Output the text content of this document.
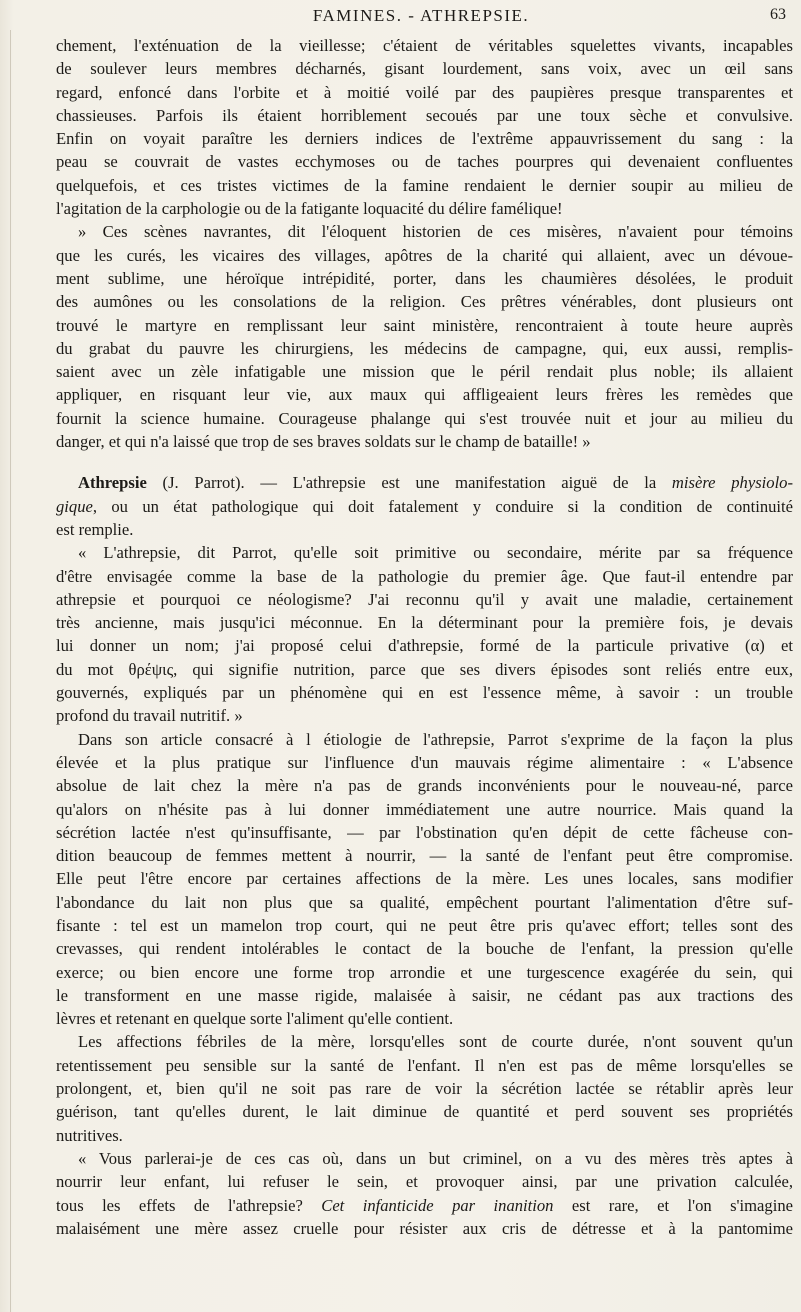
FAMINES. - ATHREPSIE.	63
chement, l'exténuation de la vieillesse; c'étaient de véritables squelettes vivants, incapables
de soulever leurs membres décharnés, gisant lourdement, sans voix, avec un œil sans
regard, enfoncé dans l'orbite et à moitié voilé par des paupières presque transparentes et
chassieuses. Parfois ils étaient horriblement secoués par une toux sèche et convulsive.
Enfin on voyait paraître les derniers indices de l'extrême appauvrissement du sang : la
peau se couvrait de vastes ecchymoses ou de taches pourpres qui devenaient confluentes
quelquefois, et ces tristes victimes de la famine rendaient le dernier soupir au milieu de
l'agitation de la carphologie ou de la fatigante loquacité du délire famélique!
» Ces scènes navrantes, dit l'éloquent historien de ces misères, n'avaient pour témoins
que les curés, les vicaires des villages, apôtres de la charité qui allaient, avec un dévoue-
ment sublime, une héroïque intrépidité, porter, dans les chaumières désolées, le produit
des aumônes ou les consolations de la religion. Ces prêtres vénérables, dont plusieurs ont
trouvé le martyre en remplissant leur saint ministère, rencontraient à toute heure auprès
du grabat du pauvre les chirurgiens, les médecins de campagne, qui, eux aussi, remplis-
saient avec un zèle infatigable une mission que le péril rendait plus noble; ils allaient
appliquer, en risquant leur vie, aux maux qui affligeaient leurs frères les remèdes que
fournit la science humaine. Courageuse phalange qui s'est trouvée nuit et jour au milieu du
danger, et qui n'a laissé que trop de ses braves soldats sur le champ de bataille! »
Athrepsie (J. Parrot). — L'athrepsie est une manifestation aiguë de la misère physiolo-
gique, ou un état pathologique qui doit fatalement y conduire si la condition de continuité
est remplie.
« L'athrepsie, dit Parrot, qu'elle soit primitive ou secondaire, mérite par sa fréquence
d'être envisagée comme la base de la pathologie du premier âge. Que faut-il entendre par
athrepsie et pourquoi ce néologisme? J'ai reconnu qu'il y avait une maladie, certainement
très ancienne, mais jusqu'ici méconnue. En la déterminant pour la première fois, je devais
lui donner un nom; j'ai proposé celui d'athrepsie, formé de la particule privative (α) et
du mot θρέψις, qui signifie nutrition, parce que ses divers épisodes sont reliés entre eux,
gouvernés, expliqués par un phénomène qui en est l'essence même, à savoir : un trouble
profond du travail nutritif. »
Dans son article consacré à l étiologie de l'athrepsie, Parrot s'exprime de la façon la plus
élevée et la plus pratique sur l'influence d'un mauvais régime alimentaire : « L'absence
absolue de lait chez la mère n'a pas de grands inconvénients pour le nouveau-né, parce
qu'alors on n'hésite pas à lui donner immédiatement une autre nourrice. Mais quand la
sécrétion lactée n'est qu'insuffisante, — par l'obstination qu'en dépit de cette fâcheuse con-
dition beaucoup de femmes mettent à nourrir, — la santé de l'enfant peut être compromise.
Elle peut l'être encore par certaines affections de la mère. Les unes locales, sans modifier
l'abondance du lait non plus que sa qualité, empêchent pourtant l'alimentation d'être suf-
fisante : tel est un mamelon trop court, qui ne peut être pris qu'avec effort; telles sont des
crevasses, qui rendent intolérables le contact de la bouche de l'enfant, la pression qu'elle
exerce; ou bien encore une forme trop arrondie et une turgescence exagérée du sein, qui
le transforment en une masse rigide, malaisée à saisir, ne cédant pas aux tractions des
lèvres et retenant en quelque sorte l'aliment qu'elle contient.
Les affections fébriles de la mère, lorsqu'elles sont de courte durée, n'ont souvent qu'un
retentissement peu sensible sur la santé de l'enfant. Il n'en est pas de même lorsqu'elles se
prolongent, et, bien qu'il ne soit pas rare de voir la sécrétion lactée se rétablir après leur
guérison, tant qu'elles durent, le lait diminue de quantité et perd souvent ses propriétés
nutritives.
« Vous parlerai-je de ces cas où, dans un but criminel, on a vu des mères très aptes à
nourrir leur enfant, lui refuser le sein, et provoquer ainsi, par une privation calculée,
tous les effets de l'athrepsie? Cet infanticide par inanition est rare, et l'on s'imagine
malaisément une mère assez cruelle pour résister aux cris de détresse et à la pantomime
